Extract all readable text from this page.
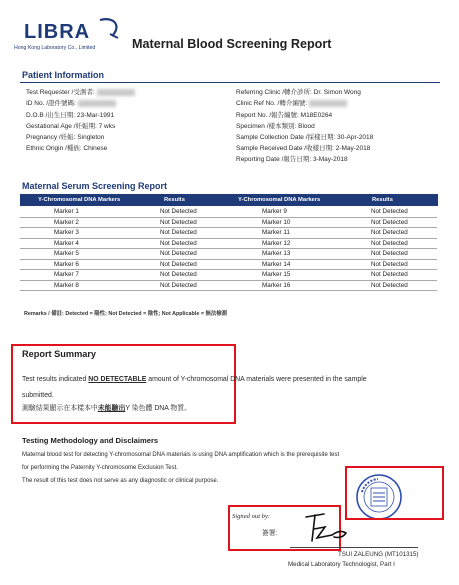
LIBRA
Hong Kong Laboratory Co., Limited	Maternal Blood Screening Report
Patient Information
Test Requester /受測者:
ID No. /證件號碼:
D.O.B /出生日期: 23-Mar-1991
Gestational Age /妊娠期: 7 wks
Pregnancy /妊娠: Singleton
Ethnic Origin /種族: Chinese
Referring Clinic /轉介診所: Dr. Simon Wong
Clinic Ref No. /轉介編號:
Report No. /報告編號: M18E0264
Specimen /樣本類別: Blood
Sample Collection Date /採樣日期: 30-Apr-2018
Sample Received Date /收樣日期: 2-May-2018
Reporting Date /報告日期: 3-May-2018
Maternal Serum Screening Report
Y-Chromosomal DNA Markers	Results	Y-Chromosomal DNA Markers	Results
Marker 1	Not Detected	Marker 9	Not Detected
Marker 2	Not Detected	Marker 10	Not Detected
Marker 3	Not Detected	Marker 11	Not Detected
Marker 4	Not Detected	Marker 12	Not Detected
Marker 5	Not Detected	Marker 13	Not Detected
Marker 6	Not Detected	Marker 14	Not Detected
Marker 7	Not Detected	Marker 15	Not Detected
Marker 8	Not Detected	Marker 16	Not Detected
Remarks / 備註: Detected = 陽性; Not Detected = 陰性; Not Applicable = 無法檢測
Report Summary
Test results indicated NO DETECTABLE amount of Y-chromosomal DNA materials were presented in the sample
submitted.
測驗結果顯示在本樣本中未能驗出Y 染色體 DNA 物質。
Testing Methodology and Disclaimers
Maternal blood test for detecting Y-chromosomal DNA materials is using DNA amplification which is the prerequisite test
for performing the Paternity Y-chromosome Exclusion Test.
The result of this test does not serve as any diagnostic or clinical purpose.
Signed out by:
簽署:
TSUI ZALEUNG (MT101315)
Medical Laboratory Technologist, Part I
